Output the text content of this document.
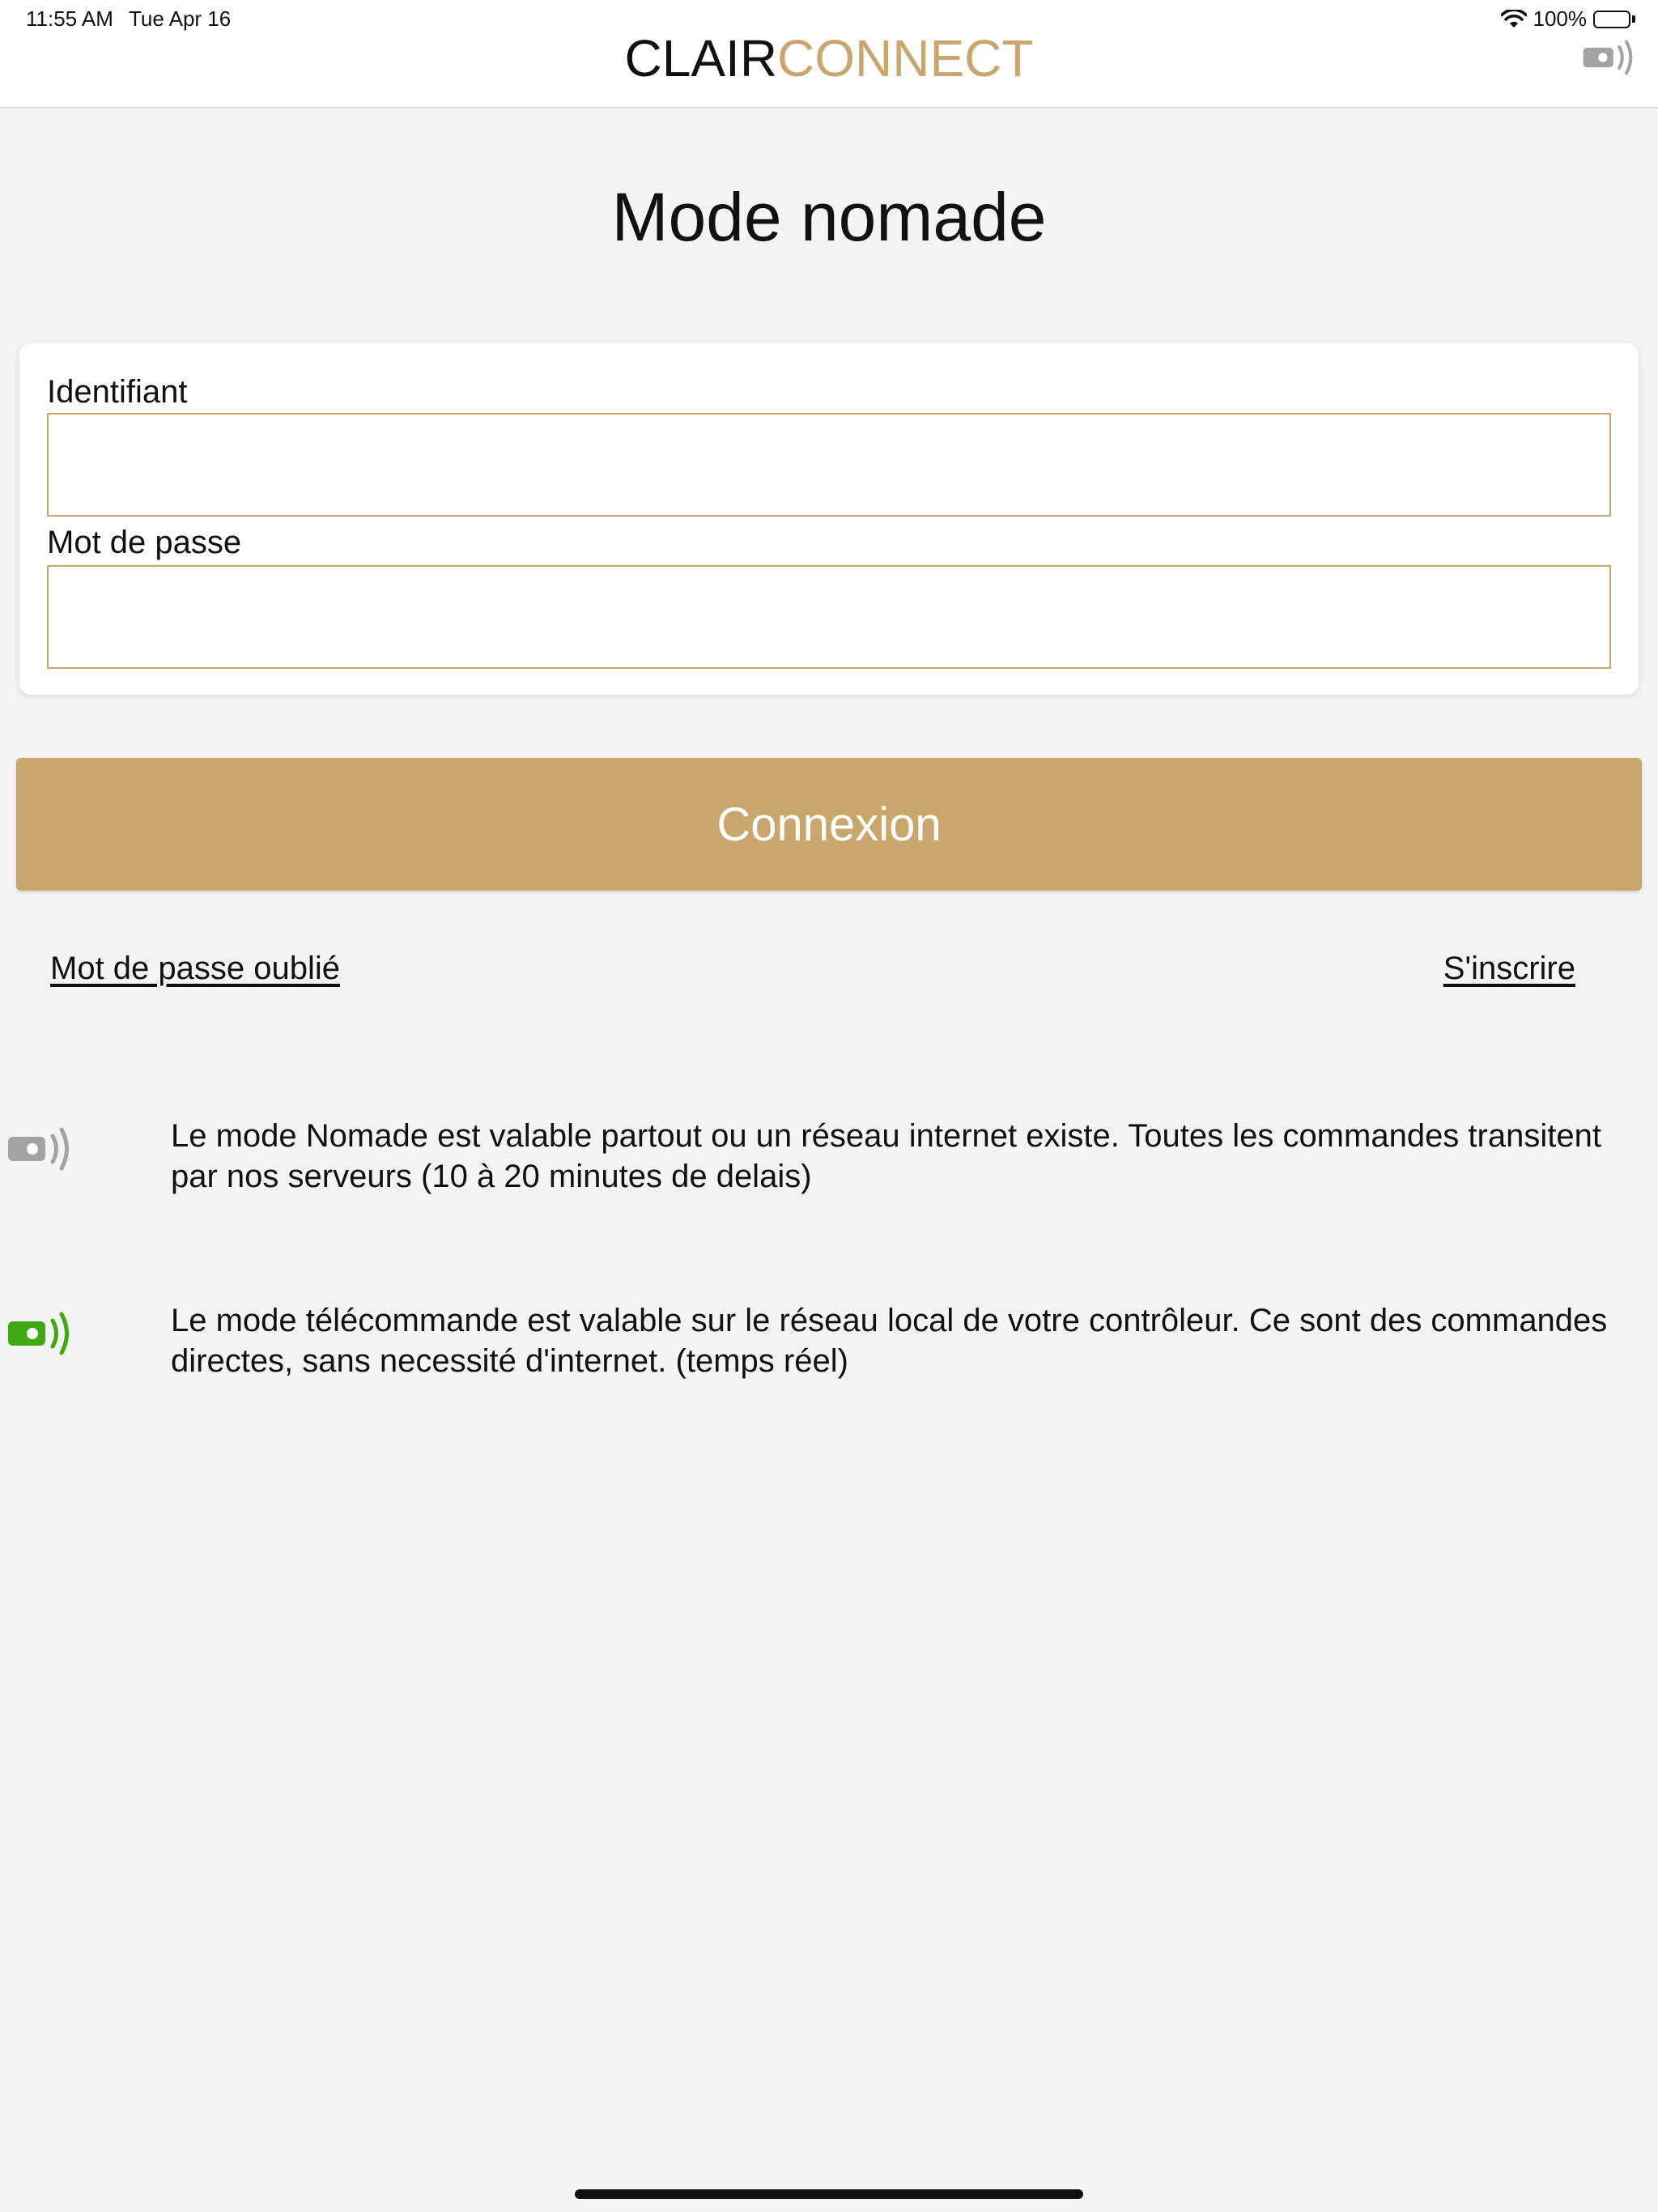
11:55 AM Tue Apr 16	100%
CLAIRCONNECT
Mode nomade
Identifiant
Mot de passe
Connexion
Mot de passe oublié	S'inscrire

Le mode Nomade est valable partout ou un réseau internet existe. Toutes les commandes transitent par nos serveurs (10 à 20 minutes de delais)

Le mode télécommande est valable sur le réseau local de votre contrôleur. Ce sont des commandes directes, sans necessité d'internet. (temps réel)
